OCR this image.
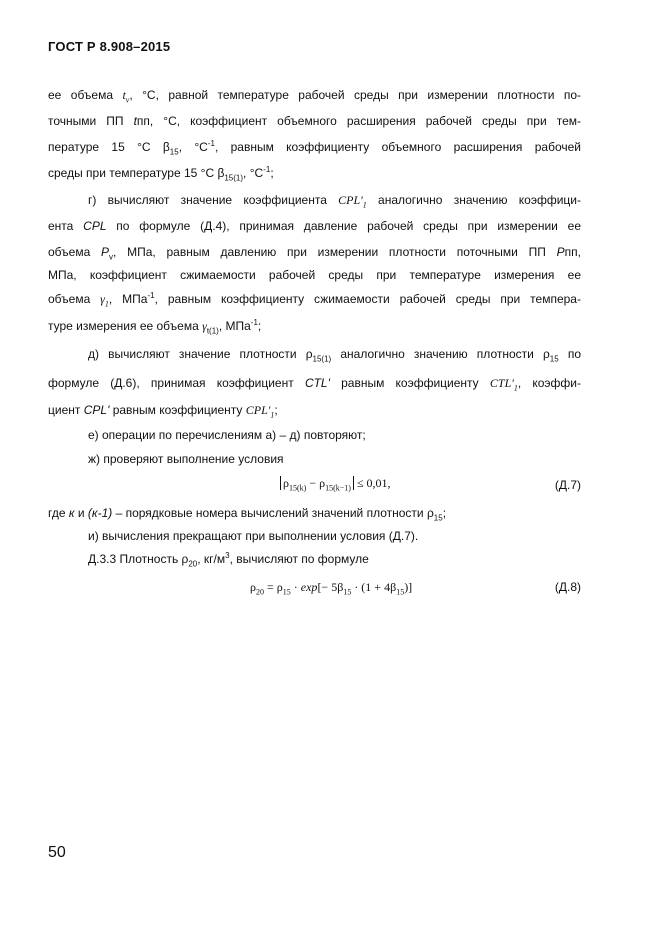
ГОСТ Р 8.908–2015
ее объема $t_v$, °С, равной температуре рабочей среды при измерении плотности по-
точными ПП tпп, °С, коэффициент объемного расширения рабочей среды при тем-
пературе 15 °С $\beta_{15}$, $^\circ С^{-1}$, равным коэффициенту объемного расширения рабочей
среды при температуре 15 °С $\beta_{15(1)}$, $^\circ С^{-1}$;
г) вычисляют значение коэффициента $CPL'_1$ аналогично значению коэффици-
ента CPL по формуле (Д.4), принимая давление рабочей среды при измерении ее
объема $P_v$, МПа, равным давлению при измерении плотности поточными ПП Pпп,
МПа, коэффициент сжимаемости рабочей среды при температуре измерения ее
объема $\gamma_1$, МПа$^{-1}$, равным коэффициенту сжимаемости рабочей среды при темпера-
туре измерения ее объема $\gamma_{t(1)}$, МПа$^{-1}$;
д) вычисляют значение плотности $\rho_{15(1)}$ аналогично значению плотности $\rho_{15}$ по
формуле (Д.6), принимая коэффициент CTL' равным коэффициенту $CTL'_1$, коэффи-
циент CPL' равным коэффициенту $CPL'_1$;
е) операции по перечислениям а) – д) повторяют;
ж) проверяют выполнение условия
$\rho_{15(k)} - \rho_{15(k-1)} \le 0,01$,	(Д.7)
где к и (к-1) – порядковые номера вычислений значений плотности $\rho_{15}$;
и) вычисления прекращают при выполнении условия (Д.7).
Д.3.3 Плотность $\rho_{20}$, $кг/м^3$, вычисляют по формуле
$\rho_{20} = \rho_{15} \cdot \exp[- 5\beta_{15} \cdot (1 + 4\beta_{15})]$	(Д.8)
50
